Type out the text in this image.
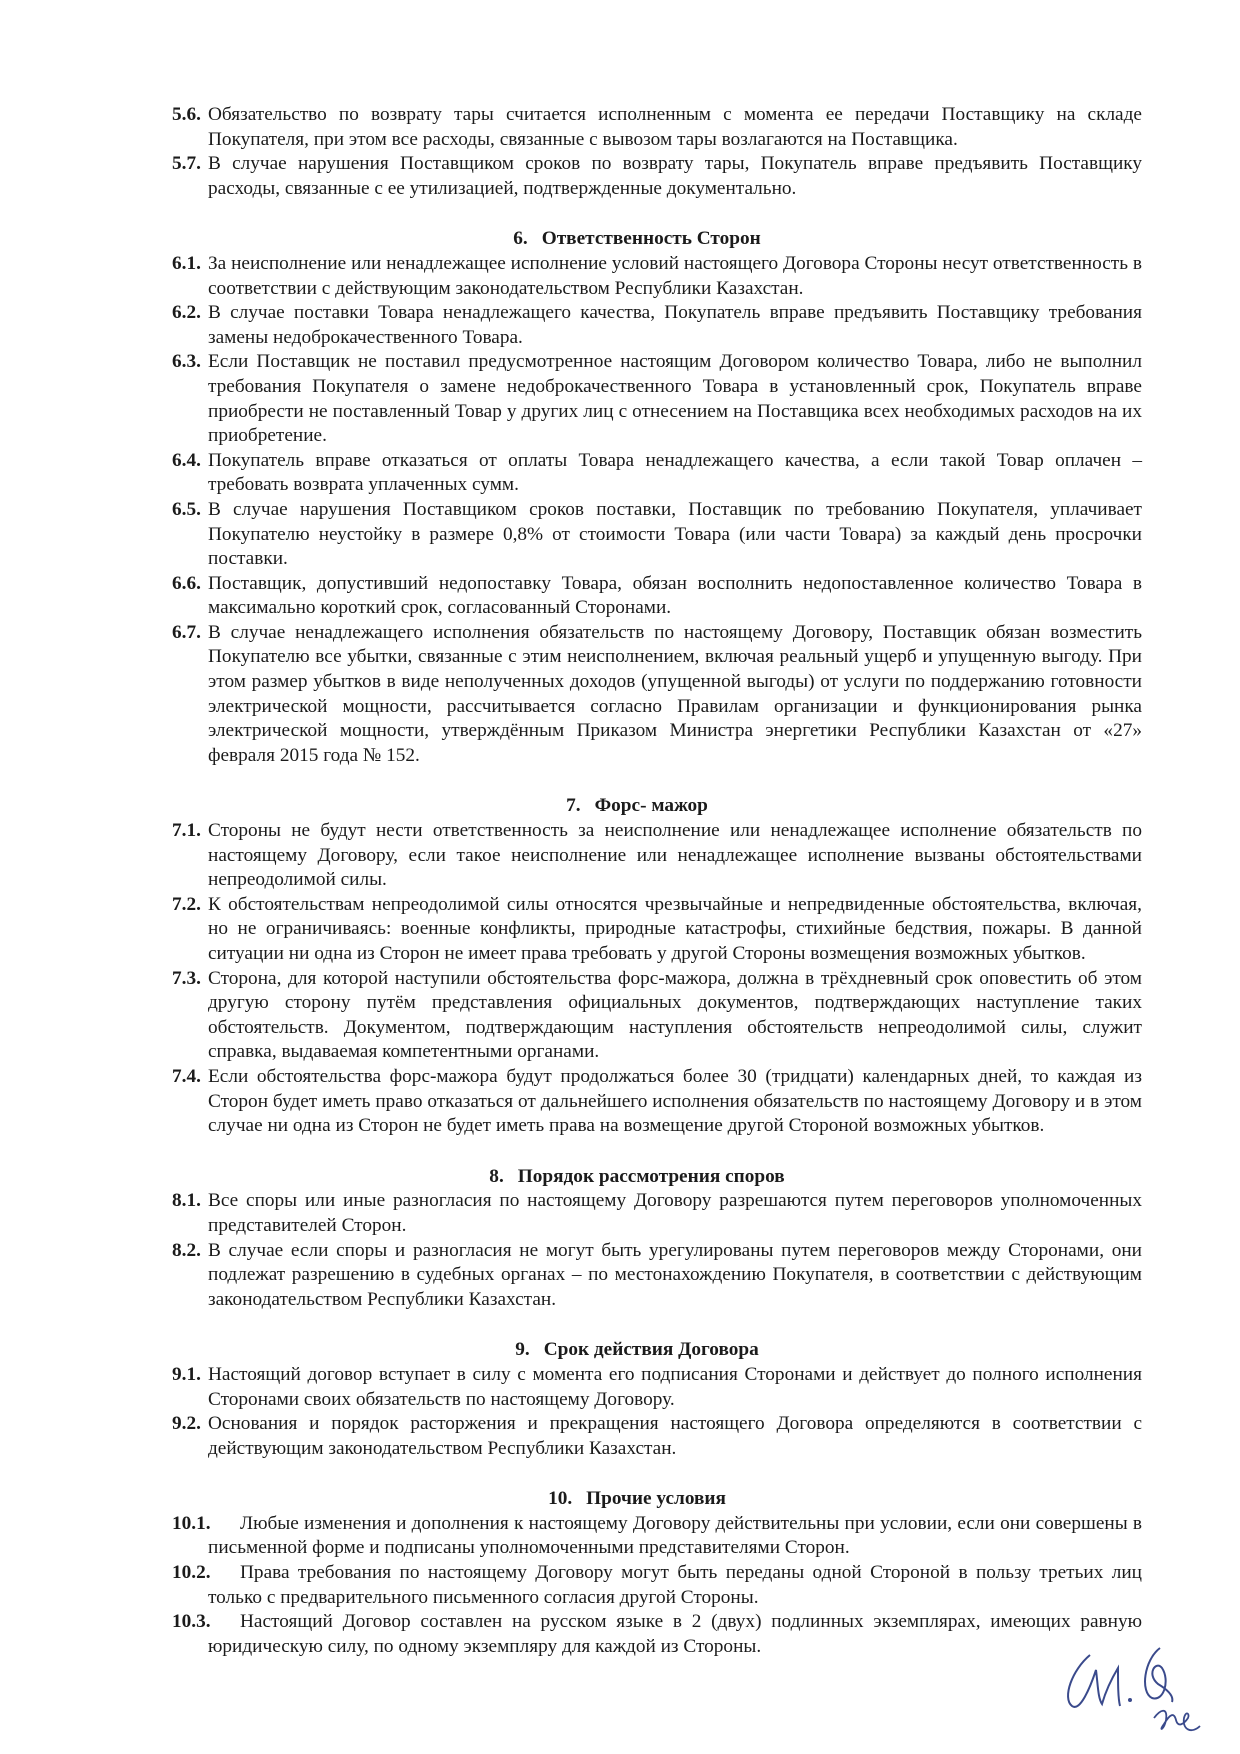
5.6. Обязательство по возврату тары считается исполненным с момента ее передачи Поставщику на складе Покупателя, при этом все расходы, связанные с вывозом тары возлагаются на Поставщика.
5.7. В случае нарушения Поставщиком сроков по возврату тары, Покупатель вправе предъявить Поставщику расходы, связанные с ее утилизацией, подтвержденные документально.
6. Ответственность Сторон
6.1. За неисполнение или ненадлежащее исполнение условий настоящего Договора Стороны несут ответственность в соответствии с действующим законодательством Республики Казахстан.
6.2. В случае поставки Товара ненадлежащего качества, Покупатель вправе предъявить Поставщику требования замены недоброкачественного Товара.
6.3. Если Поставщик не поставил предусмотренное настоящим Договором количество Товара, либо не выполнил требования Покупателя о замене недоброкачественного Товара в установленный срок, Покупатель вправе приобрести не поставленный Товар у других лиц с отнесением на Поставщика всех необходимых расходов на их приобретение.
6.4. Покупатель вправе отказаться от оплаты Товара ненадлежащего качества, а если такой Товар оплачен – требовать возврата уплаченных сумм.
6.5. В случае нарушения Поставщиком сроков поставки, Поставщик по требованию Покупателя, уплачивает Покупателю неустойку в размере 0,8% от стоимости Товара (или части Товара) за каждый день просрочки поставки.
6.6. Поставщик, допустивший недопоставку Товара, обязан восполнить недопоставленное количество Товара в максимально короткий срок, согласованный Сторонами.
6.7. В случае ненадлежащего исполнения обязательств по настоящему Договору, Поставщик обязан возместить Покупателю все убытки, связанные с этим неисполнением, включая реальный ущерб и упущенную выгоду. При этом размер убытков в виде неполученных доходов (упущенной выгоды) от услуги по поддержанию готовности электрической мощности, рассчитывается согласно Правилам организации и функционирования рынка электрической мощности, утверждённым Приказом Министра энергетики Республики Казахстан от «27» февраля 2015 года № 152.
7. Форс- мажор
7.1. Стороны не будут нести ответственность за неисполнение или ненадлежащее исполнение обязательств по настоящему Договору, если такое неисполнение или ненадлежащее исполнение вызваны обстоятельствами непреодолимой силы.
7.2. К обстоятельствам непреодолимой силы относятся чрезвычайные и непредвиденные обстоятельства, включая, но не ограничиваясь: военные конфликты, природные катастрофы, стихийные бедствия, пожары. В данной ситуации ни одна из Сторон не имеет права требовать у другой Стороны возмещения возможных убытков.
7.3. Сторона, для которой наступили обстоятельства форс-мажора, должна в трёхдневный срок оповестить об этом другую сторону путём представления официальных документов, подтверждающих наступление таких обстоятельств. Документом, подтверждающим наступления обстоятельств непреодолимой силы, служит справка, выдаваемая компетентными органами.
7.4. Если обстоятельства форс-мажора будут продолжаться более 30 (тридцати) календарных дней, то каждая из Сторон будет иметь право отказаться от дальнейшего исполнения обязательств по настоящему Договору и в этом случае ни одна из Сторон не будет иметь права на возмещение другой Стороной возможных убытков.
8. Порядок рассмотрения споров
8.1. Все споры или иные разногласия по настоящему Договору разрешаются путем переговоров уполномоченных представителей Сторон.
8.2. В случае если споры и разногласия не могут быть урегулированы путем переговоров между Сторонами, они подлежат разрешению в судебных органах – по местонахождению Покупателя, в соответствии с действующим законодательством Республики Казахстан.
9. Срок действия Договора
9.1. Настоящий договор вступает в силу с момента его подписания Сторонами и действует до полного исполнения Сторонами своих обязательств по настоящему Договору.
9.2. Основания и порядок расторжения и прекращения настоящего Договора определяются в соответствии с действующим законодательством Республики Казахстан.
10. Прочие условия
10.1.	Любые изменения и дополнения к настоящему Договору действительны при условии, если они совершены в письменной форме и подписаны уполномоченными представителями Сторон.
10.2.	Права требования по настоящему Договору могут быть переданы одной Стороной в пользу третьих лиц только с предварительного письменного согласия другой Стороны.
10.3.	Настоящий Договор составлен на русском языке в 2 (двух) подлинных экземплярах, имеющих равную юридическую силу, по одному экземпляру для каждой из Стороны.
